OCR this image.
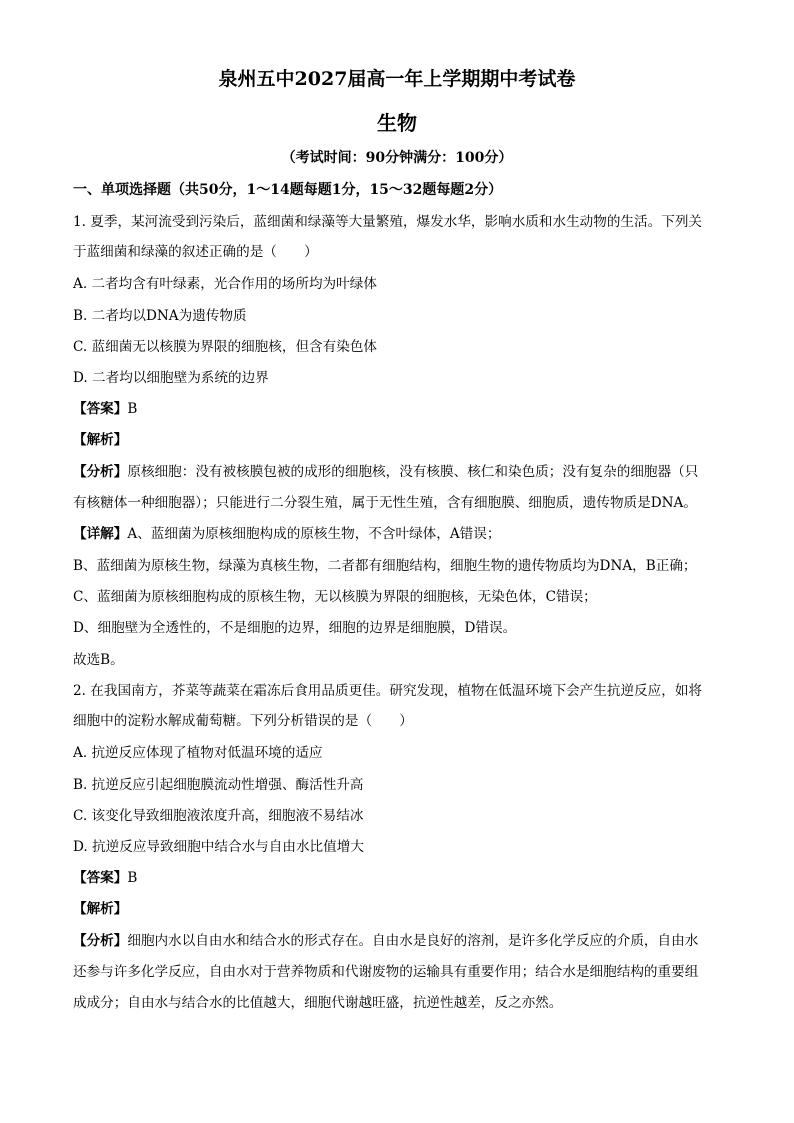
泉州五中2027届高一年上学期期中考试卷
生物
（考试时间：90分钟满分：100分）
一、单项选择题（共50分，1～14题每题1分，15～32题每题2分）
1. 夏季，某河流受到污染后，蓝细菌和绿藻等大量繁殖，爆发水华，影响水质和水生动物的生活。下列关
于蓝细菌和绿藻的叙述正确的是（　　）
A. 二者均含有叶绿素，光合作用的场所均为叶绿体
B. 二者均以DNA为遗传物质
C. 蓝细菌无以核膜为界限的细胞核，但含有染色体
D. 二者均以细胞壁为系统的边界
【答案】B
【解析】
【分析】原核细胞：没有被核膜包被的成形的细胞核，没有核膜、核仁和染色质；没有复杂的细胞器（只
有核糖体一种细胞器）；只能进行二分裂生殖，属于无性生殖，含有细胞膜、细胞质，遗传物质是DNA。
【详解】A、蓝细菌为原核细胞构成的原核生物，不含叶绿体，A错误；
B、蓝细菌为原核生物，绿藻为真核生物，二者都有细胞结构，细胞生物的遗传物质均为DNA，B正确；
C、蓝细菌为原核细胞构成的原核生物，无以核膜为界限的细胞核，无染色体，C错误；
D、细胞壁为全透性的，不是细胞的边界，细胞的边界是细胞膜，D错误。
故选B。
2. 在我国南方，芥菜等蔬菜在霜冻后食用品质更佳。研究发现，植物在低温环境下会产生抗逆反应，如将
细胞中的淀粉水解成葡萄糖。下列分析错误的是（　　）
A. 抗逆反应体现了植物对低温环境的适应
B. 抗逆反应引起细胞膜流动性增强、酶活性升高
C. 该变化导致细胞液浓度升高，细胞液不易结冰
D. 抗逆反应导致细胞中结合水与自由水比值增大
【答案】B
【解析】
【分析】细胞内水以自由水和结合水的形式存在。自由水是良好的溶剂，是许多化学反应的介质，自由水
还参与许多化学反应，自由水对于营养物质和代谢废物的运输具有重要作用；结合水是细胞结构的重要组
成成分；自由水与结合水的比值越大，细胞代谢越旺盛，抗逆性越差，反之亦然。
